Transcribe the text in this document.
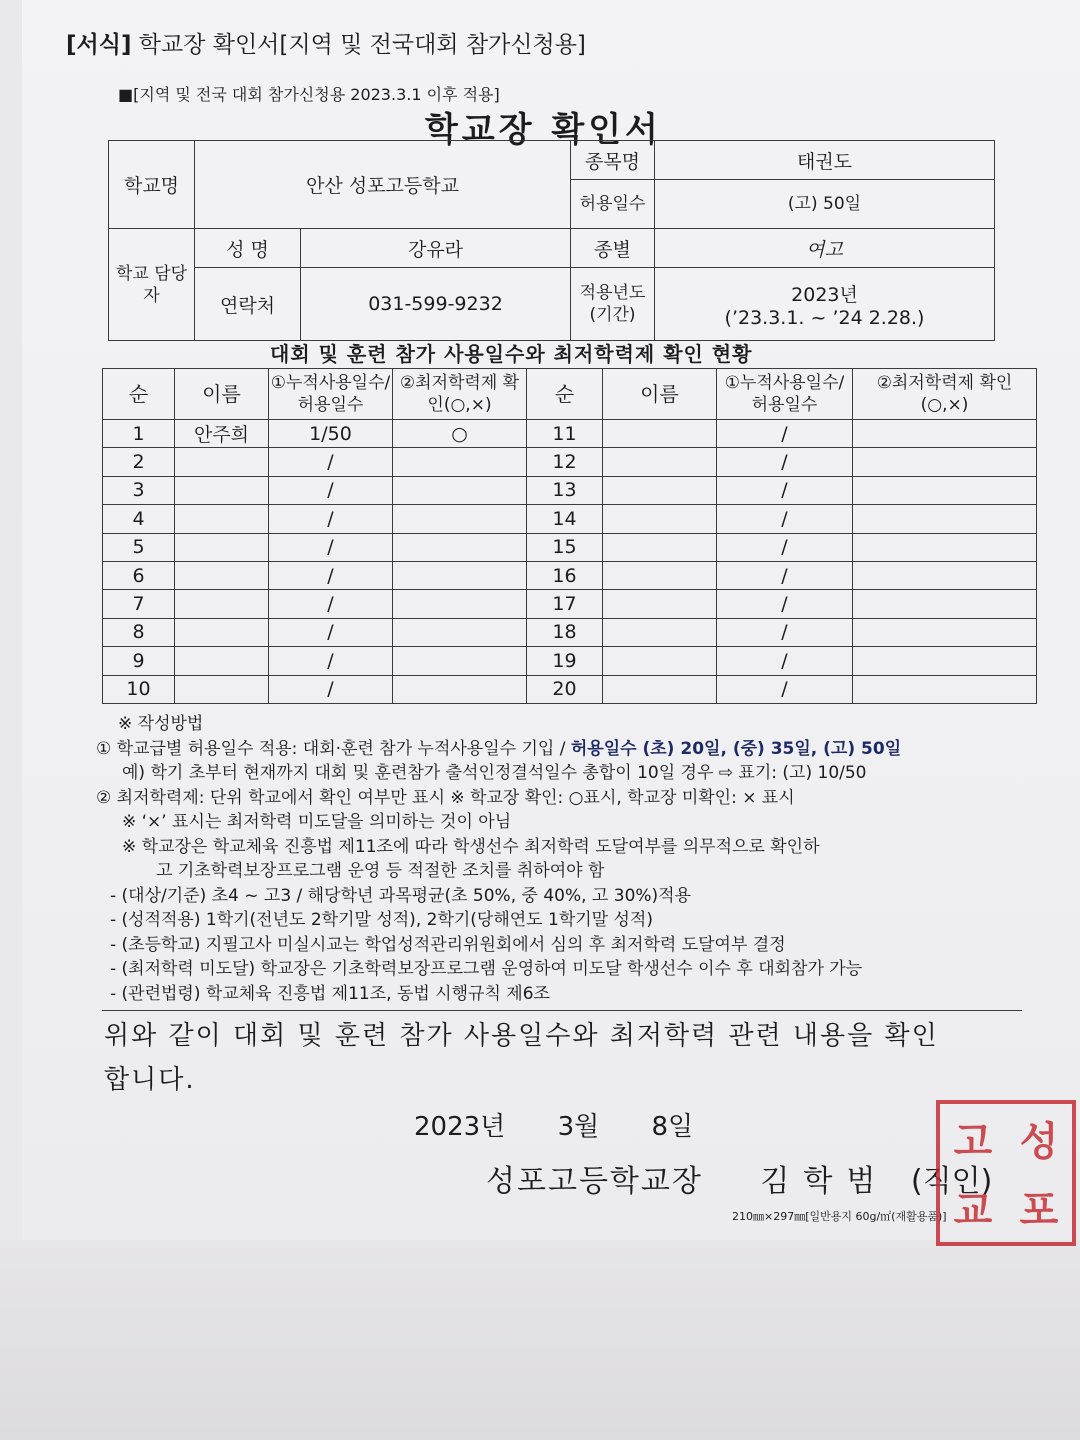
[서식] 학교장 확인서[지역 및 전국대회 참가신청용]
■[지역 및 전국 대회 참가신청용 2023.3.1 이후 적용]
학교장 확인서
학교명	안산 성포고등학교		종목명	태권도
			허용일수	(고) 50일
학교 담당자	성 명	강유라	종별	여고
	연락처	031-599-9232	적용년도 (기간)	2023년
(’23.3.1. ~ ’24 2.28.)
대회 및 훈련 참가 사용일수와 최저학력제 확인 현황
순	이름	①누적사용일수/허용일수	②최저학력제 확인(○,×)	순	이름	①누적사용일수/허용일수	②최저학력제 확인(○,×)
1	안주희	1/50	○	11		/	
2		/		12		/	
3		/		13		/	
4		/		14		/	
5		/		15		/	
6		/		16		/	
7		/		17		/	
8		/		18		/	
9		/		19		/	
10		/		20		/	
※ 작성방법
① 학교급별 허용일수 적용: 대회·훈련 참가 누적사용일수 기입 / 허용일수 (초) 20일, (중) 35일, (고) 50일
예) 학기 초부터 현재까지 대회 및 훈련참가 출석인정결석일수 총합이 10일 경우 ⇨ 표기: (고) 10/50
② 최저학력제: 단위 학교에서 확인 여부만 표시 ※ 학교장 확인: ○표시, 학교장 미확인: × 표시
※ ‘×’ 표시는 최저학력 미도달을 의미하는 것이 아님
※ 학교장은 학교체육 진흥법 제11조에 따라 학생선수 최저학력 도달여부를 의무적으로 확인하
고 기초학력보장프로그램 운영 등 적절한 조치를 취하여야 함
- (대상/기준) 초4 ~ 고3 / 해당학년 과목평균(초 50%, 중 40%, 고 30%)적용
- (성적적용) 1학기(전년도 2학기말 성적), 2학기(당해연도 1학기말 성적)
- (초등학교) 지필고사 미실시교는 학업성적관리위원회에서 심의 후 최저학력 도달여부 결정
- (최저학력 미도달) 학교장은 기초학력보장프로그램 운영하여 미도달 학생선수 이수 후 대회참가 가능
- (관련법령) 학교체육 진흥법 제11조, 동법 시행규칙 제6조
위와 같이 대회 및 훈련 참가 사용일수와 최저학력 관련 내용을 확인
합니다.
2023년 3월 8일
성포고등학교장 김학범 (직인)
210㎜×297㎜[일반용지 60g/㎡(재활용품)]
고 성
교 포
